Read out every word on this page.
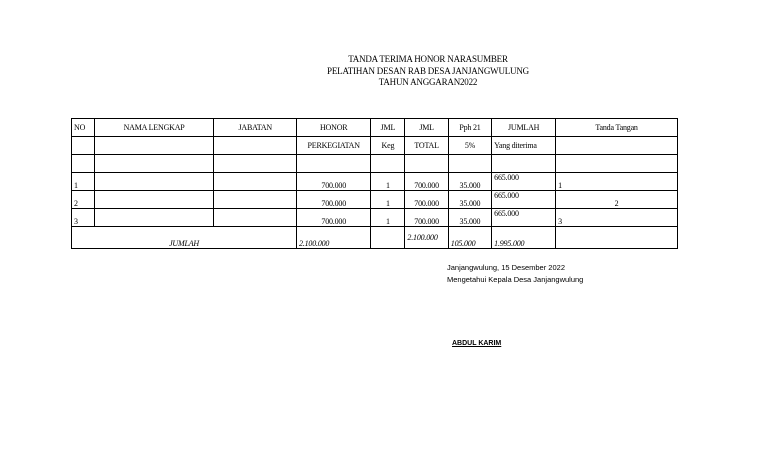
TANDA TERIMA HONOR NARASUMBER
PELATIHAN DESAN RAB DESA JANJANGWULUNG
TAHUN ANGGARAN2022
NO	NAMA LENGKAP	JABATAN	HONOR	JML	JML	Pph 21	JUMLAH	Tanda Tangan
			PERKEGIATAN	Keg	TOTAL	5%	Yang diterima	

1			700.000	1	700.000	35.000	665.000	1
2			700.000	1	700.000	35.000	665.000	2
3			700.000	1	700.000	35.000	665.000	3
JUMLAH			2.100.000		2.100.000	105.000	1.995.000	
Janjangwulung, 15 Desember 2022
Mengetahui Kepala Desa Janjangwulung
ABDUL KARIM
